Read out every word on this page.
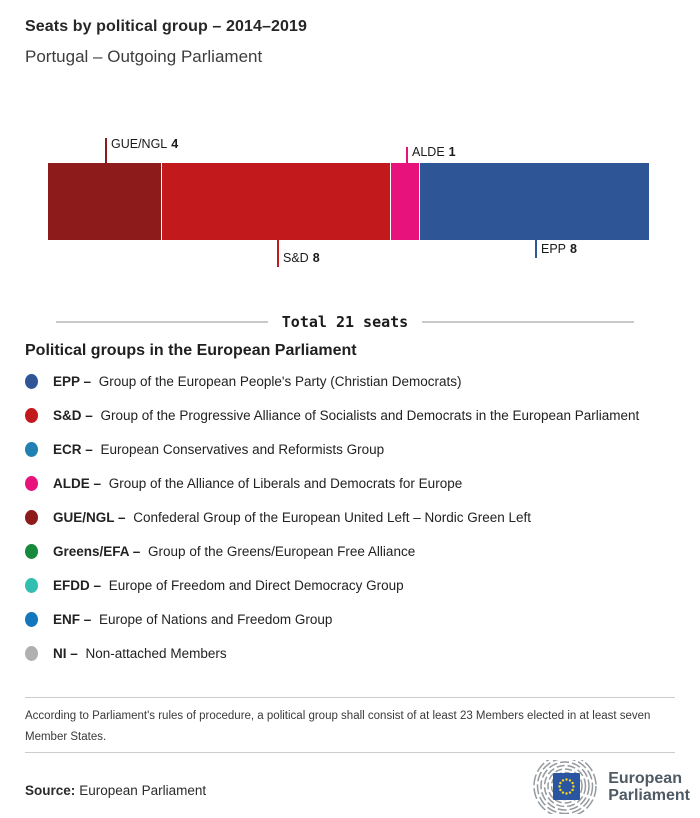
Seats by political group – 2014–2019
Portugal – Outgoing Parliament
GUE/NGL 4
S&D 8
ALDE 1
EPP 8
Total 21 seats
Political groups in the European Parliament
EPP – Group of the European People's Party (Christian Democrats)
S&D – Group of the Progressive Alliance of Socialists and Democrats in the European Parliament
ECR – European Conservatives and Reformists Group
ALDE – Group of the Alliance of Liberals and Democrats for Europe
GUE/NGL – Confederal Group of the European United Left – Nordic Green Left
Greens/EFA – Group of the Greens/European Free Alliance
EFDD – Europe of Freedom and Direct Democracy Group
ENF – Europe of Nations and Freedom Group
NI – Non-attached Members

According to Parliament's rules of procedure, a political group shall consist of at least 23 Members elected in at least seven Member States.

Source: European Parliament

European
Parliament
